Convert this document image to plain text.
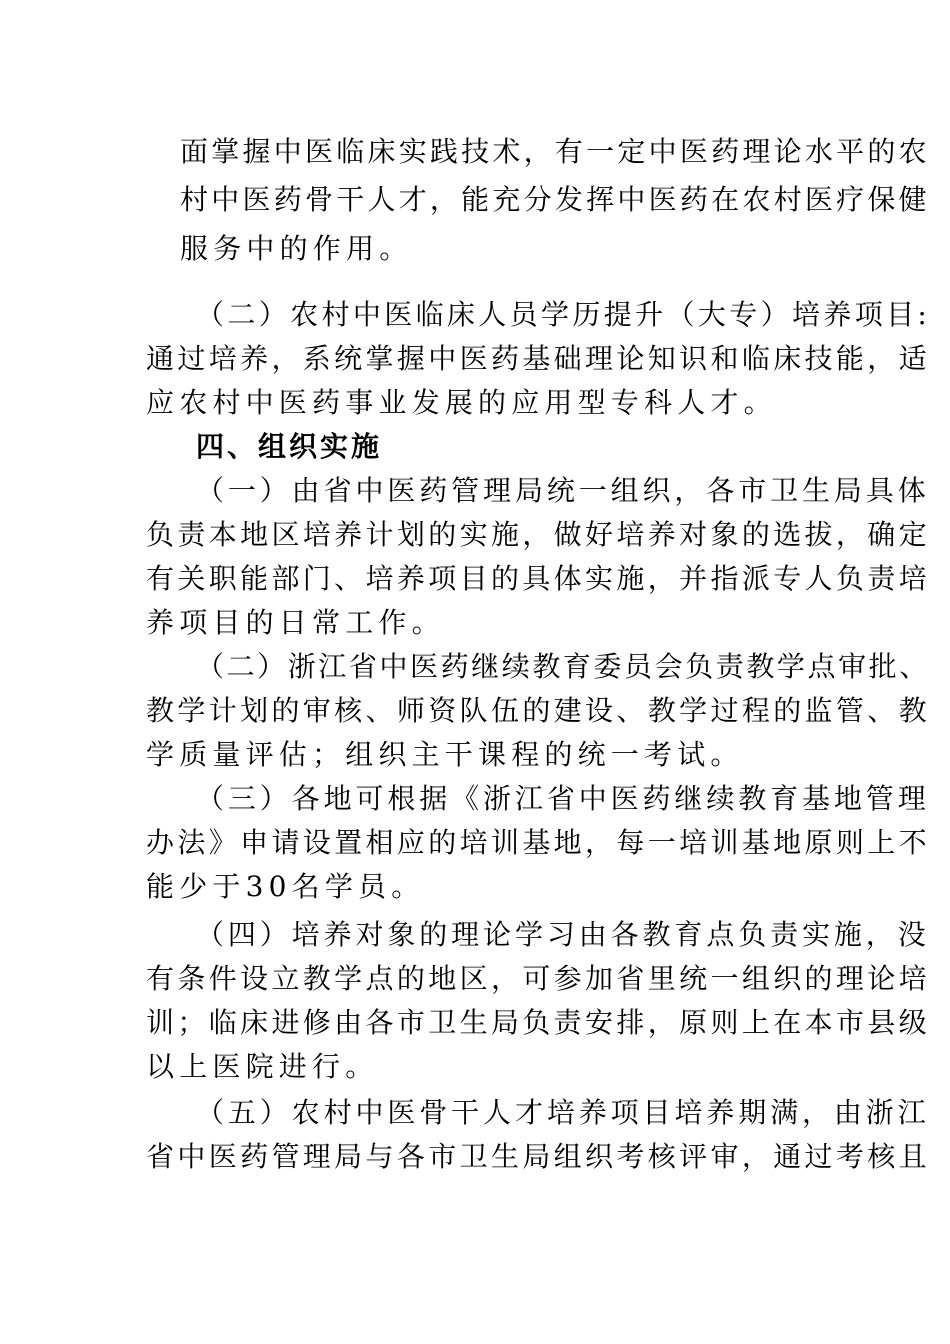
面掌握中医临床实践技术，有一定中医药理论水平的农
村中医药骨干人才，能充分发挥中医药在农村医疗保健
服务中的作用。
（二）农村中医临床人员学历提升（大专）培养项目:
通过培养，系统掌握中医药基础理论知识和临床技能，适
应农村中医药事业发展的应用型专科人才。
四、组织实施
（一）由省中医药管理局统一组织，各市卫生局具体
负责本地区培养计划的实施，做好培养对象的选拔，确定
有关职能部门、培养项目的具体实施，并指派专人负责培
养项目的日常工作。
（二）浙江省中医药继续教育委员会负责教学点审批、
教学计划的审核、师资队伍的建设、教学过程的监管、教
学质量评估；组织主干课程的统一考试。
（三）各地可根据《浙江省中医药继续教育基地管理
办法》申请设置相应的培训基地，每一培训基地原则上不
能少于30名学员。
（四）培养对象的理论学习由各教育点负责实施，没
有条件设立教学点的地区，可参加省里统一组织的理论培
训；临床进修由各市卫生局负责安排，原则上在本市县级
以上医院进行。
（五）农村中医骨干人才培养项目培养期满，由浙江
省中医药管理局与各市卫生局组织考核评审，通过考核且
